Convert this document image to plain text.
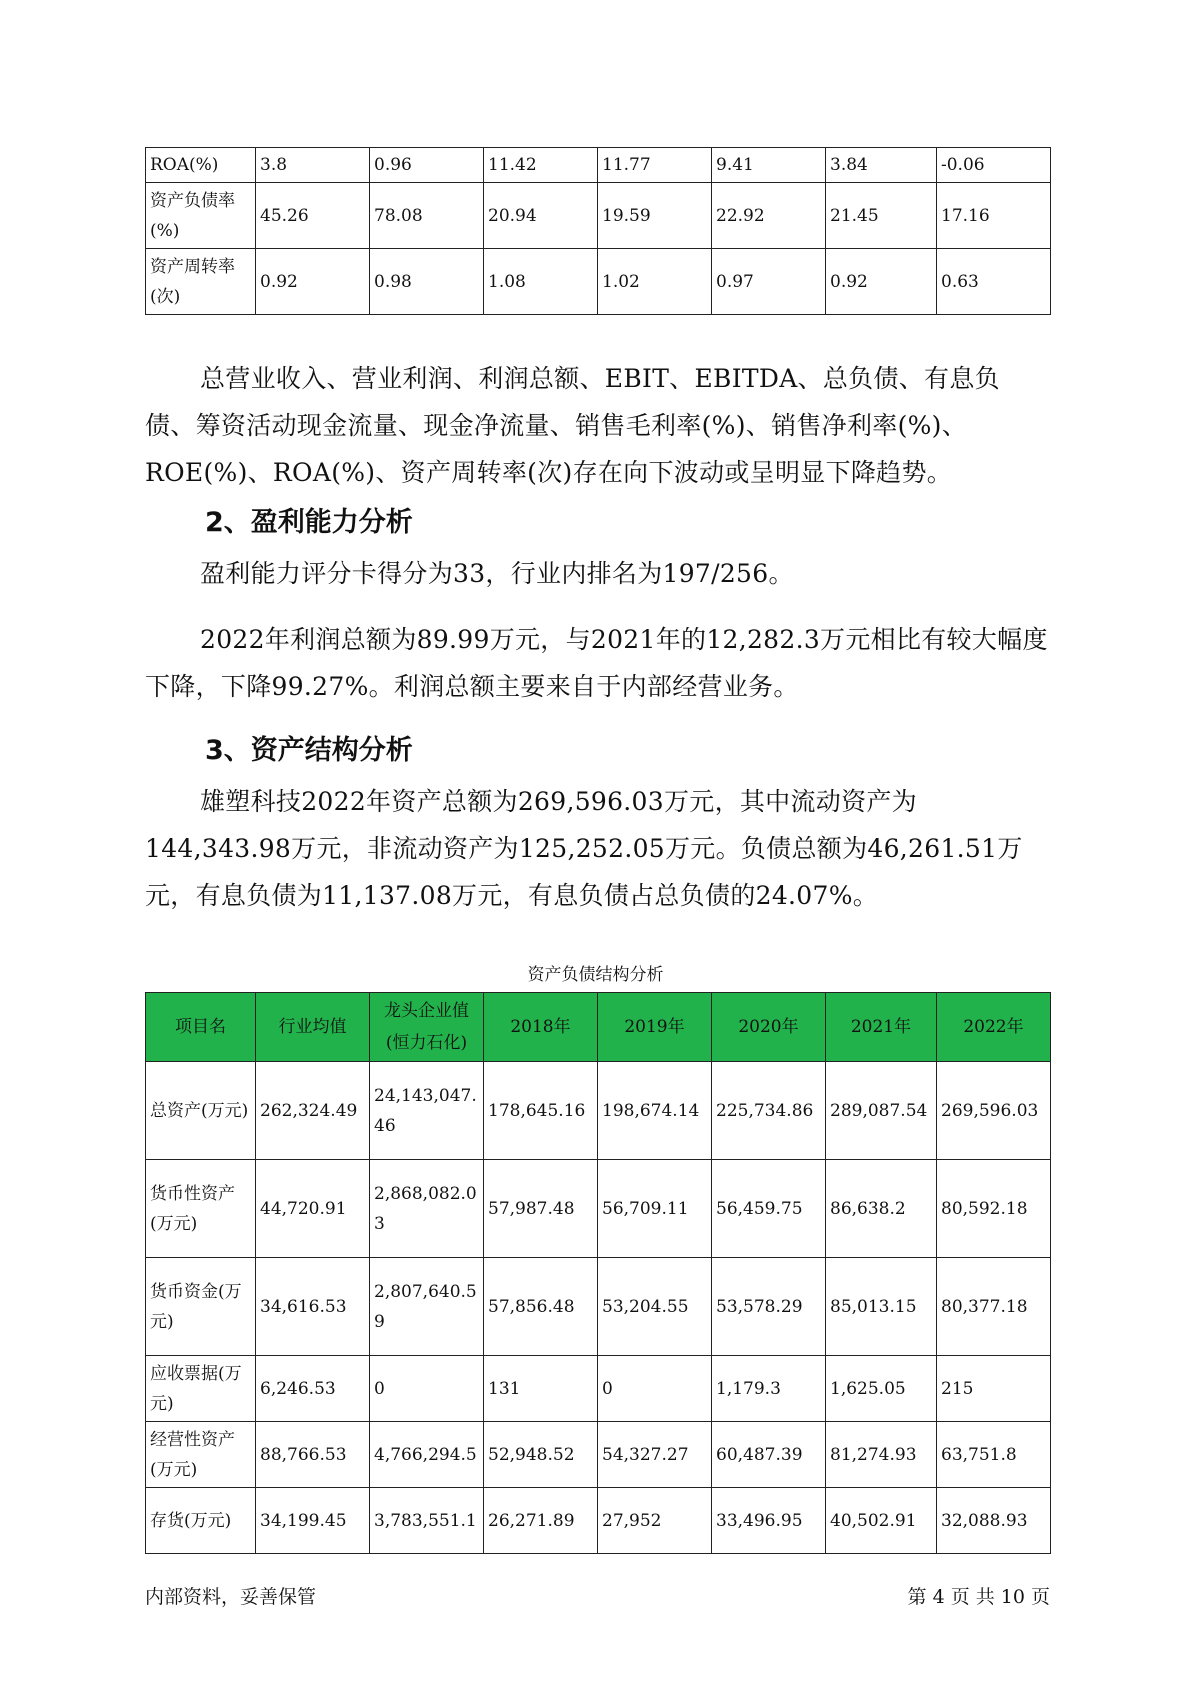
ROA(%)	3.8	0.96	11.42	11.77	9.41	3.84	-0.06
资产负债率(%)	45.26	78.08	20.94	19.59	22.92	21.45	17.16
资产周转率(次)	0.92	0.98	1.08	1.02	0.97	0.92	0.63

总营业收入、营业利润、利润总额、EBIT、EBITDA、总负债、有息负债、筹资活动现金流量、现金净流量、销售毛利率(%)、销售净利率(%)、ROE(%)、ROA(%)、资产周转率(次)存在向下波动或呈明显下降趋势。

2、盈利能力分析

盈利能力评分卡得分为33，行业内排名为197/256。

2022年利润总额为89.99万元，与2021年的12,282.3万元相比有较大幅度下降，下降99.27%。利润总额主要来自于内部经营业务。

3、资产结构分析

雄塑科技2022年资产总额为269,596.03万元，其中流动资产为144,343.98万元，非流动资产为125,252.05万元。负债总额为46,261.51万元，有息负债为11,137.08万元，有息负债占总负债的24.07%。

资产负债结构分析
项目名	行业均值	龙头企业值(恒力石化)	2018年	2019年	2020年	2021年	2022年
总资产(万元)	262,324.49	24,143,047.46	178,645.16	198,674.14	225,734.86	289,087.54	269,596.03
货币性资产(万元)	44,720.91	2,868,082.03	57,987.48	56,709.11	56,459.75	86,638.2	80,592.18
货币资金(万元)	34,616.53	2,807,640.59	57,856.48	53,204.55	53,578.29	85,013.15	80,377.18
应收票据(万元)	6,246.53	0	131	0	1,179.3	1,625.05	215
经营性资产(万元)	88,766.53	4,766,294.5	52,948.52	54,327.27	60,487.39	81,274.93	63,751.8
存货(万元)	34,199.45	3,783,551.1	26,271.89	27,952	33,496.95	40,502.91	32,088.93
内部资料，妥善保管	第 4 页 共 10 页
